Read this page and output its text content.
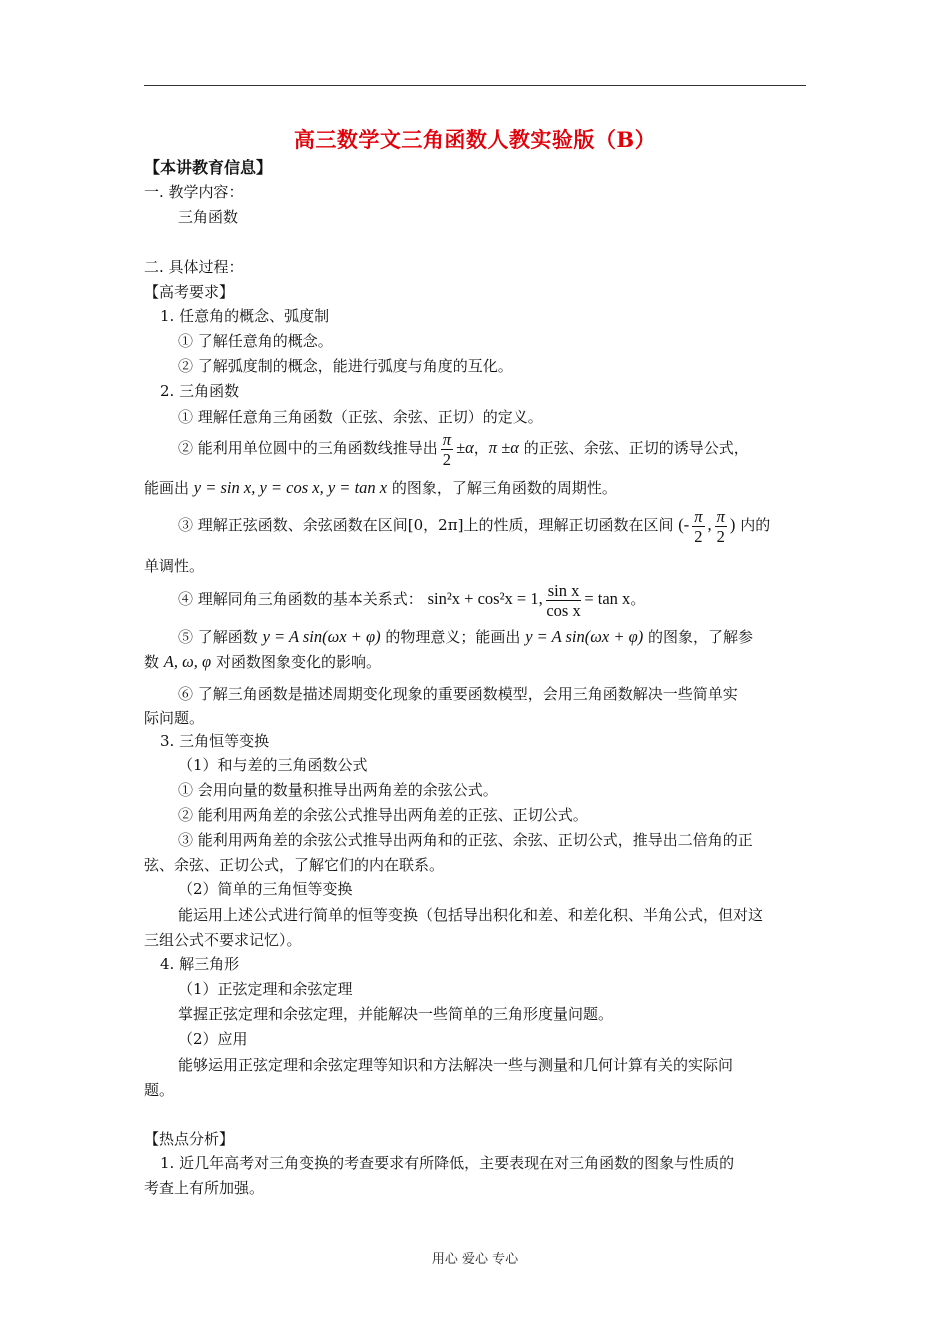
高三数学文三角函数人教实验版（B）
【本讲教育信息】
一. 教学内容：
三角函数
二. 具体过程：
【高考要求】
1. 任意角的概念、弧度制
① 了解任意角的概念。
② 了解弧度制的概念，能进行弧度与角度的互化。
2. 三角函数
① 理解任意角三角函数（正弦、余弦、正切）的定义。
② 能利用单位圆中的三角函数线推导出 $\frac{\pi}{2} \pm\alpha$，π ±α 的正弦、余弦、正切的诱导公式，
能画出 y = sin x, y = cos x, y = tan x 的图象，了解三角函数的周期性。
③ 理解正弦函数、余弦函数在区间[0，2π]上的性质，理解正切函数在区间 (- $\frac{\pi}{2}$ , $\frac{\pi}{2}$ ) 内的
单调性。
④ 理解同角三角函数的基本关系式： sin²x + cos²x = 1, $\frac{\text{sin x}}{\text{cos x}} = \tan x$。
⑤ 了解函数 y = A sin(ωx + φ) 的物理意义；能画出 y = A sin(ωx + φ) 的图象，了解参
数 A, ω, φ 对函数图象变化的影响。
⑥ 了解三角函数是描述周期变化现象的重要函数模型，会用三角函数解决一些简单实
际问题。
3. 三角恒等变换
（1）和与差的三角函数公式
① 会用向量的数量积推导出两角差的余弦公式。
② 能利用两角差的余弦公式推导出两角差的正弦、正切公式。
③ 能利用两角差的余弦公式推导出两角和的正弦、余弦、正切公式，推导出二倍角的正
弦、余弦、正切公式，了解它们的内在联系。
（2）简单的三角恒等变换
能运用上述公式进行简单的恒等变换（包括导出积化和差、和差化积、半角公式，但对这
三组公式不要求记忆）。
4. 解三角形
（1）正弦定理和余弦定理
掌握正弦定理和余弦定理，并能解决一些简单的三角形度量问题。
（2）应用
能够运用正弦定理和余弦定理等知识和方法解决一些与测量和几何计算有关的实际问
题。
【热点分析】
1. 近几年高考对三角变换的考查要求有所降低，主要表现在对三角函数的图象与性质的
考查上有所加强。
用心 爱心 专心
